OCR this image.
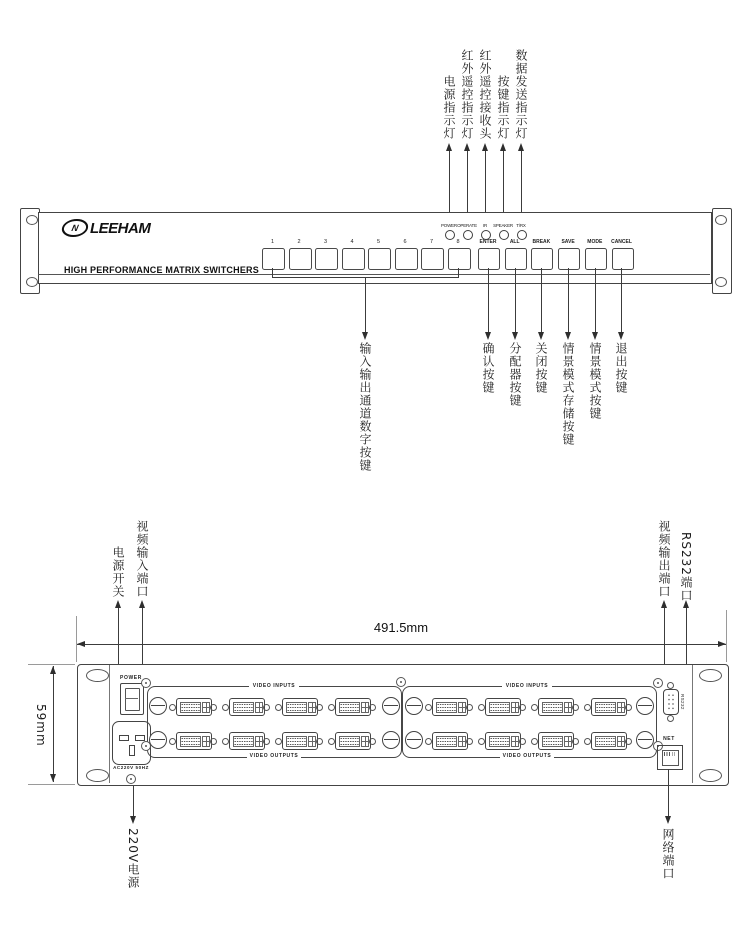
电源指示灯 红外遥控指示灯 红外遥控接收头 按键指示灯 数据发送指示灯
N LEEHAM
HIGH PERFORMANCE MATRIX SWITCHERS
1	2	3	4	5	6	7	8
POWER OPERATE	IR	SPEAKER T/RX
ENTER	ALL	BREAK	SAVE	MODE	CANCEL
输入输出通道数字按键	确认按键 分配器按键 关闭按键 情景模式存储按键 情景模式按键 退出按键
电源开关 视频输入端口	视频输出端口 RS232端口
491.5mm
59mm
POWER
AC220V 50HZ
VIDEO INPUTS	VIDEO INPUTS
VIDEO OUTPUTS	VIDEO OUTPUTS
RS232
NET
220V电源	网络端口
